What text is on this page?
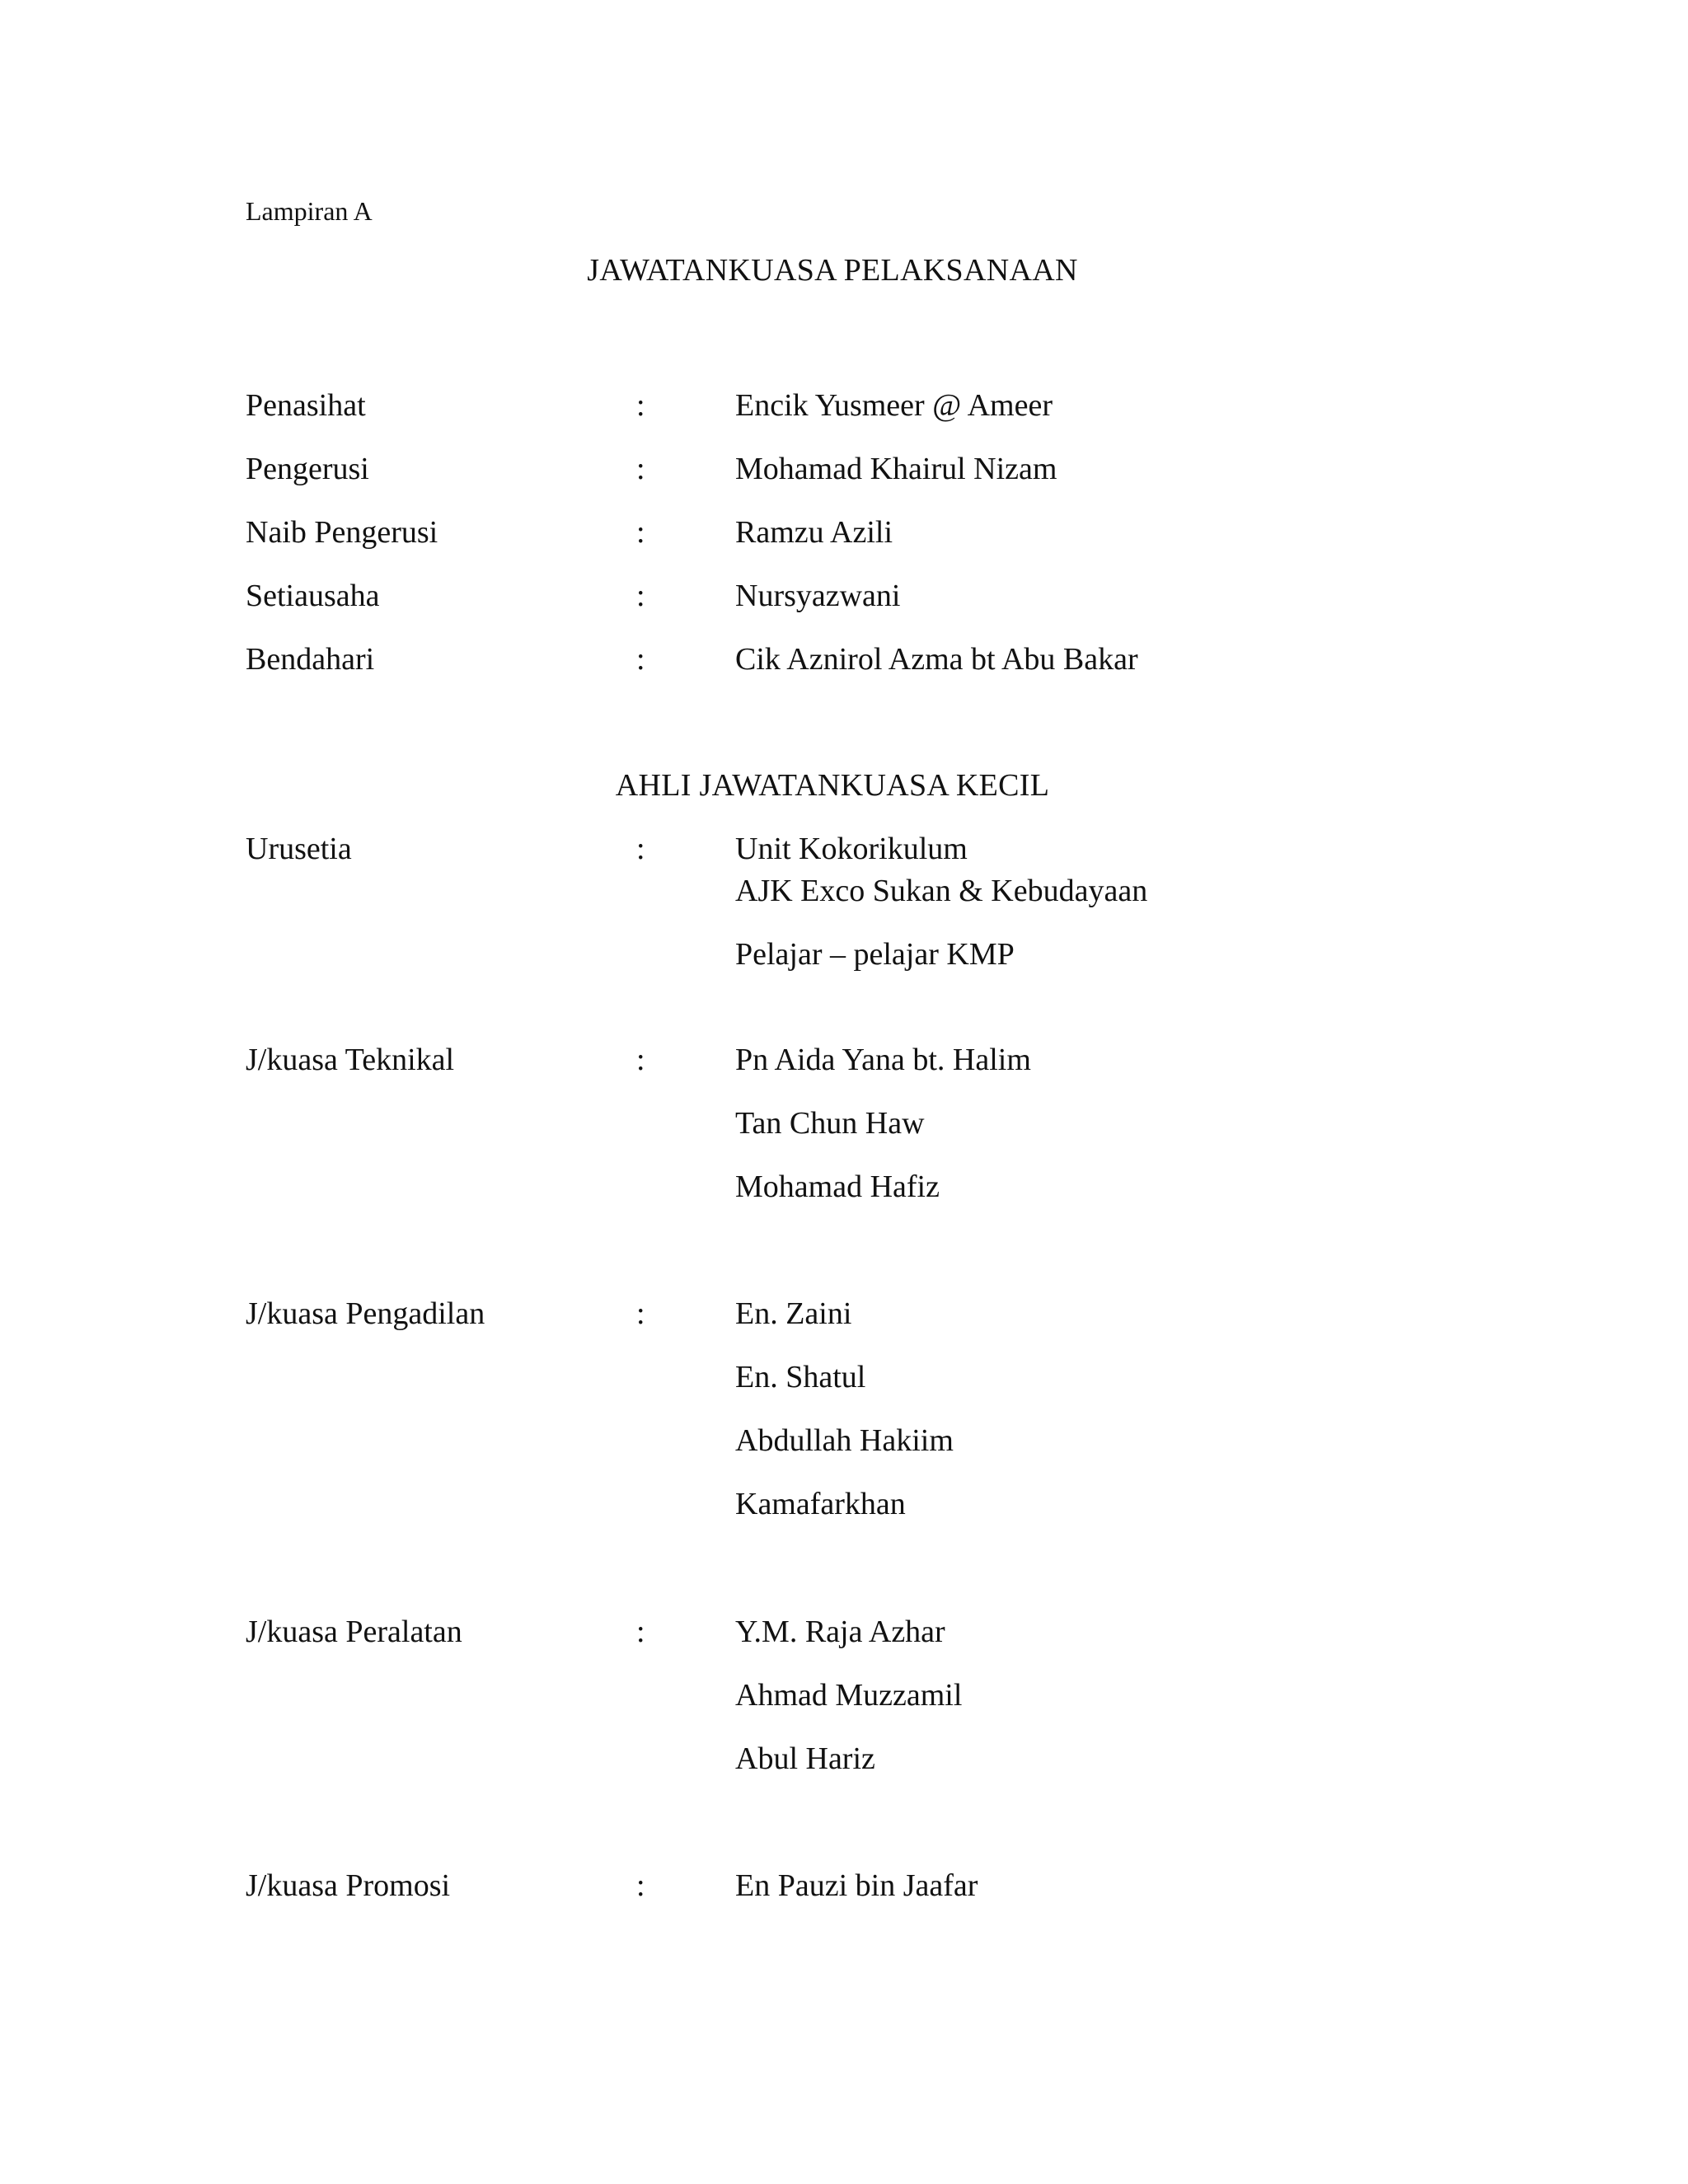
Lampiran A
JAWATANKUASA PELAKSANAAN
Penasihat	:	Encik Yusmeer @ Ameer
Pengerusi	:	Mohamad Khairul Nizam
Naib Pengerusi	:	Ramzu Azili
Setiausaha	:	Nursyazwani
Bendahari	:	Cik Aznirol Azma bt Abu Bakar
AHLI JAWATANKUASA KECIL
Urusetia	:	Unit Kokorikulum
AJK Exco Sukan & Kebudayaan
Pelajar – pelajar KMP
J/kuasa Teknikal	:	Pn Aida Yana bt. Halim
Tan Chun Haw
Mohamad Hafiz
J/kuasa Pengadilan	:	En. Zaini
En. Shatul
Abdullah Hakiim
Kamafarkhan
J/kuasa Peralatan	:	Y.M. Raja Azhar
Ahmad Muzzamil
Abul Hariz
J/kuasa Promosi	:	En Pauzi bin Jaafar
